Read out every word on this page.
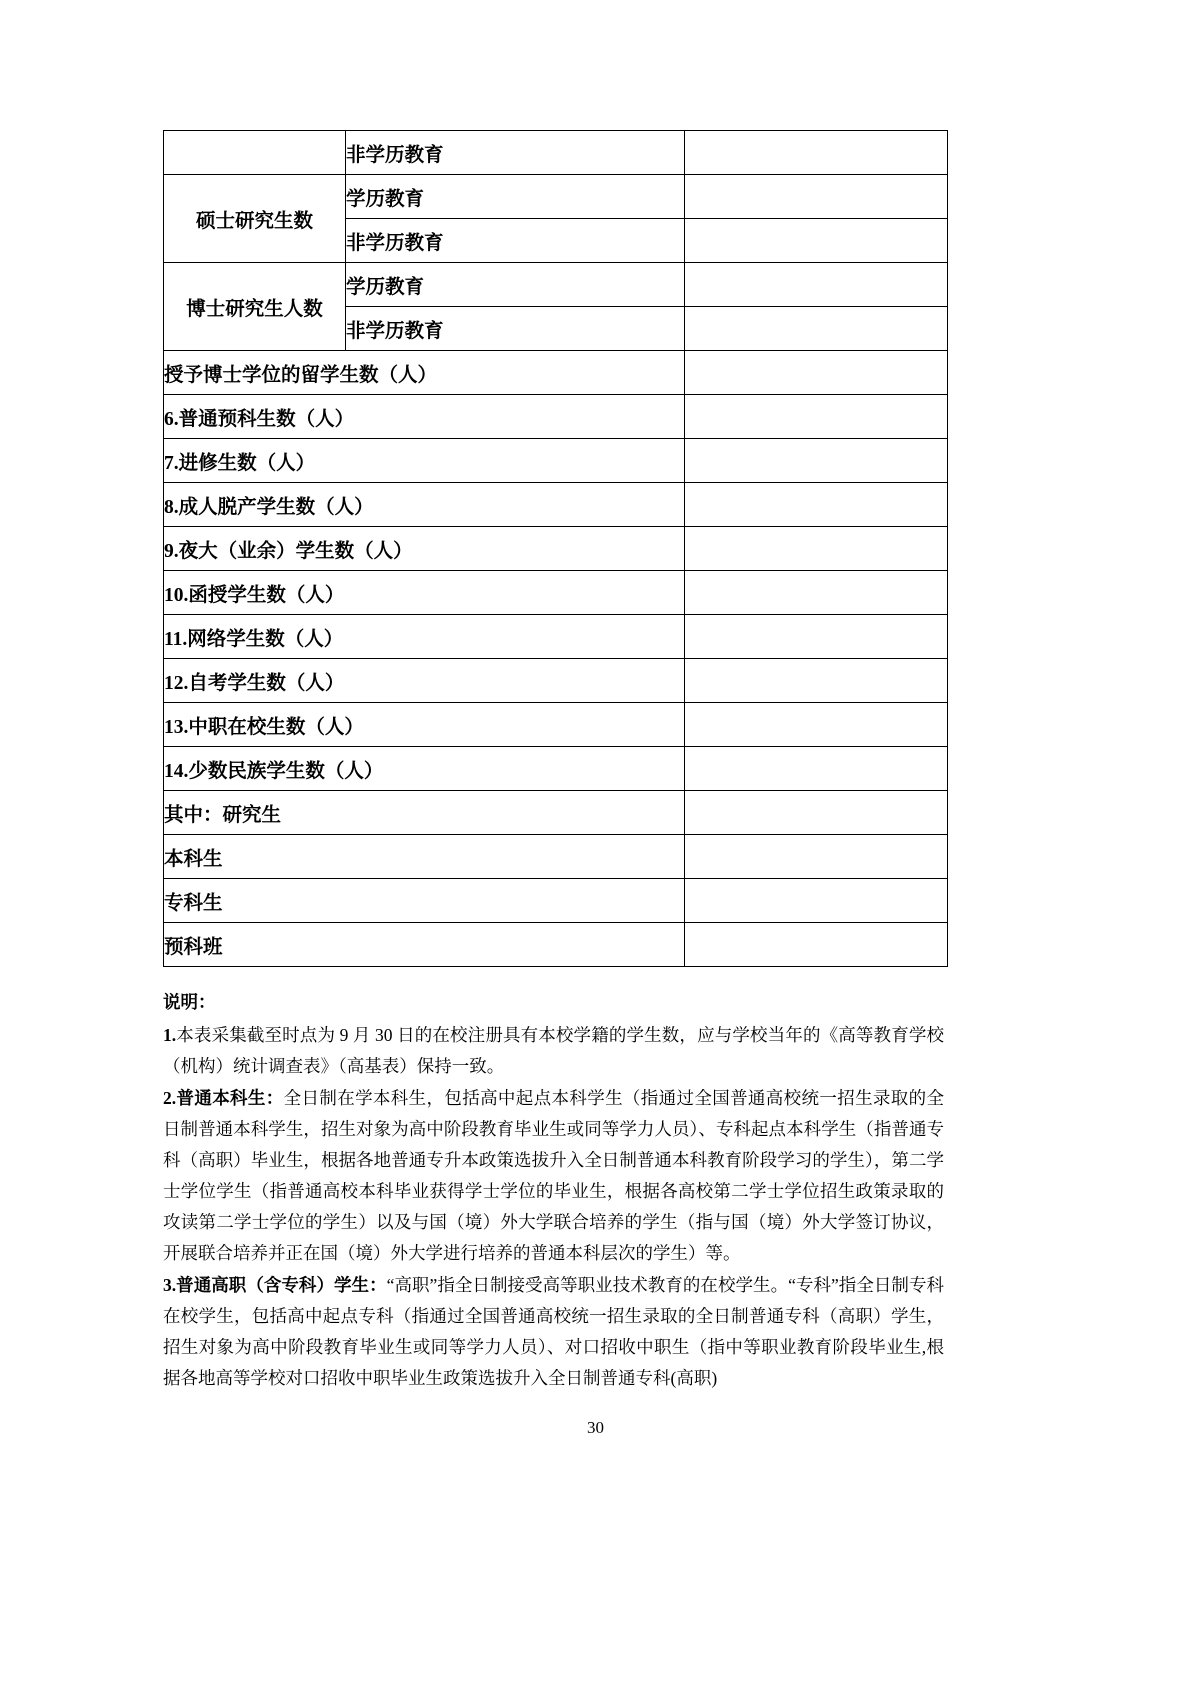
	非学历教育	
硕士研究生数	学历教育	
	非学历教育	
博士研究生人数	学历教育	
	非学历教育	
授予博士学位的留学生数（人）		
6.普通预科生数（人）		
7.进修生数（人）		
8.成人脱产学生数（人）		
9.夜大（业余）学生数（人）		
10.函授学生数（人）		
11.网络学生数（人）		
12.自考学生数（人）		
13.中职在校生数（人）		
14.少数民族学生数（人）		
其中：研究生		
本科生		
专科生		
预科班		
说明：

1.本表采集截至时点为 9 月 30 日的在校注册具有本校学籍的学生数，应与学校当年的《高等教育学校（机构）统计调查表》（高基表）保持一致。

2.普通本科生：全日制在学本科生，包括高中起点本科学生（指通过全国普通高校统一招生录取的全日制普通本科学生，招生对象为高中阶段教育毕业生或同等学力人员）、专科起点本科学生（指普通专科（高职）毕业生，根据各地普通专升本政策选拔升入全日制普通本科教育阶段学习的学生），第二学士学位学生（指普通高校本科毕业获得学士学位的毕业生，根据各高校第二学士学位招生政策录取的攻读第二学士学位的学生）以及与国（境）外大学联合培养的学生（指与国（境）外大学签订协议，开展联合培养并正在国（境）外大学进行培养的普通本科层次的学生）等。

3.普通高职（含专科）学生：“高职”指全日制接受高等职业技术教育的在校学生。“专科”指全日制专科在校学生，包括高中起点专科（指通过全国普通高校统一招生录取的全日制普通专科（高职）学生，招生对象为高中阶段教育毕业生或同等学力人员）、对口招收中职生（指中等职业教育阶段毕业生,根据各地高等学校对口招收中职毕业生政策选拔升入全日制普通专科(高职)

30
